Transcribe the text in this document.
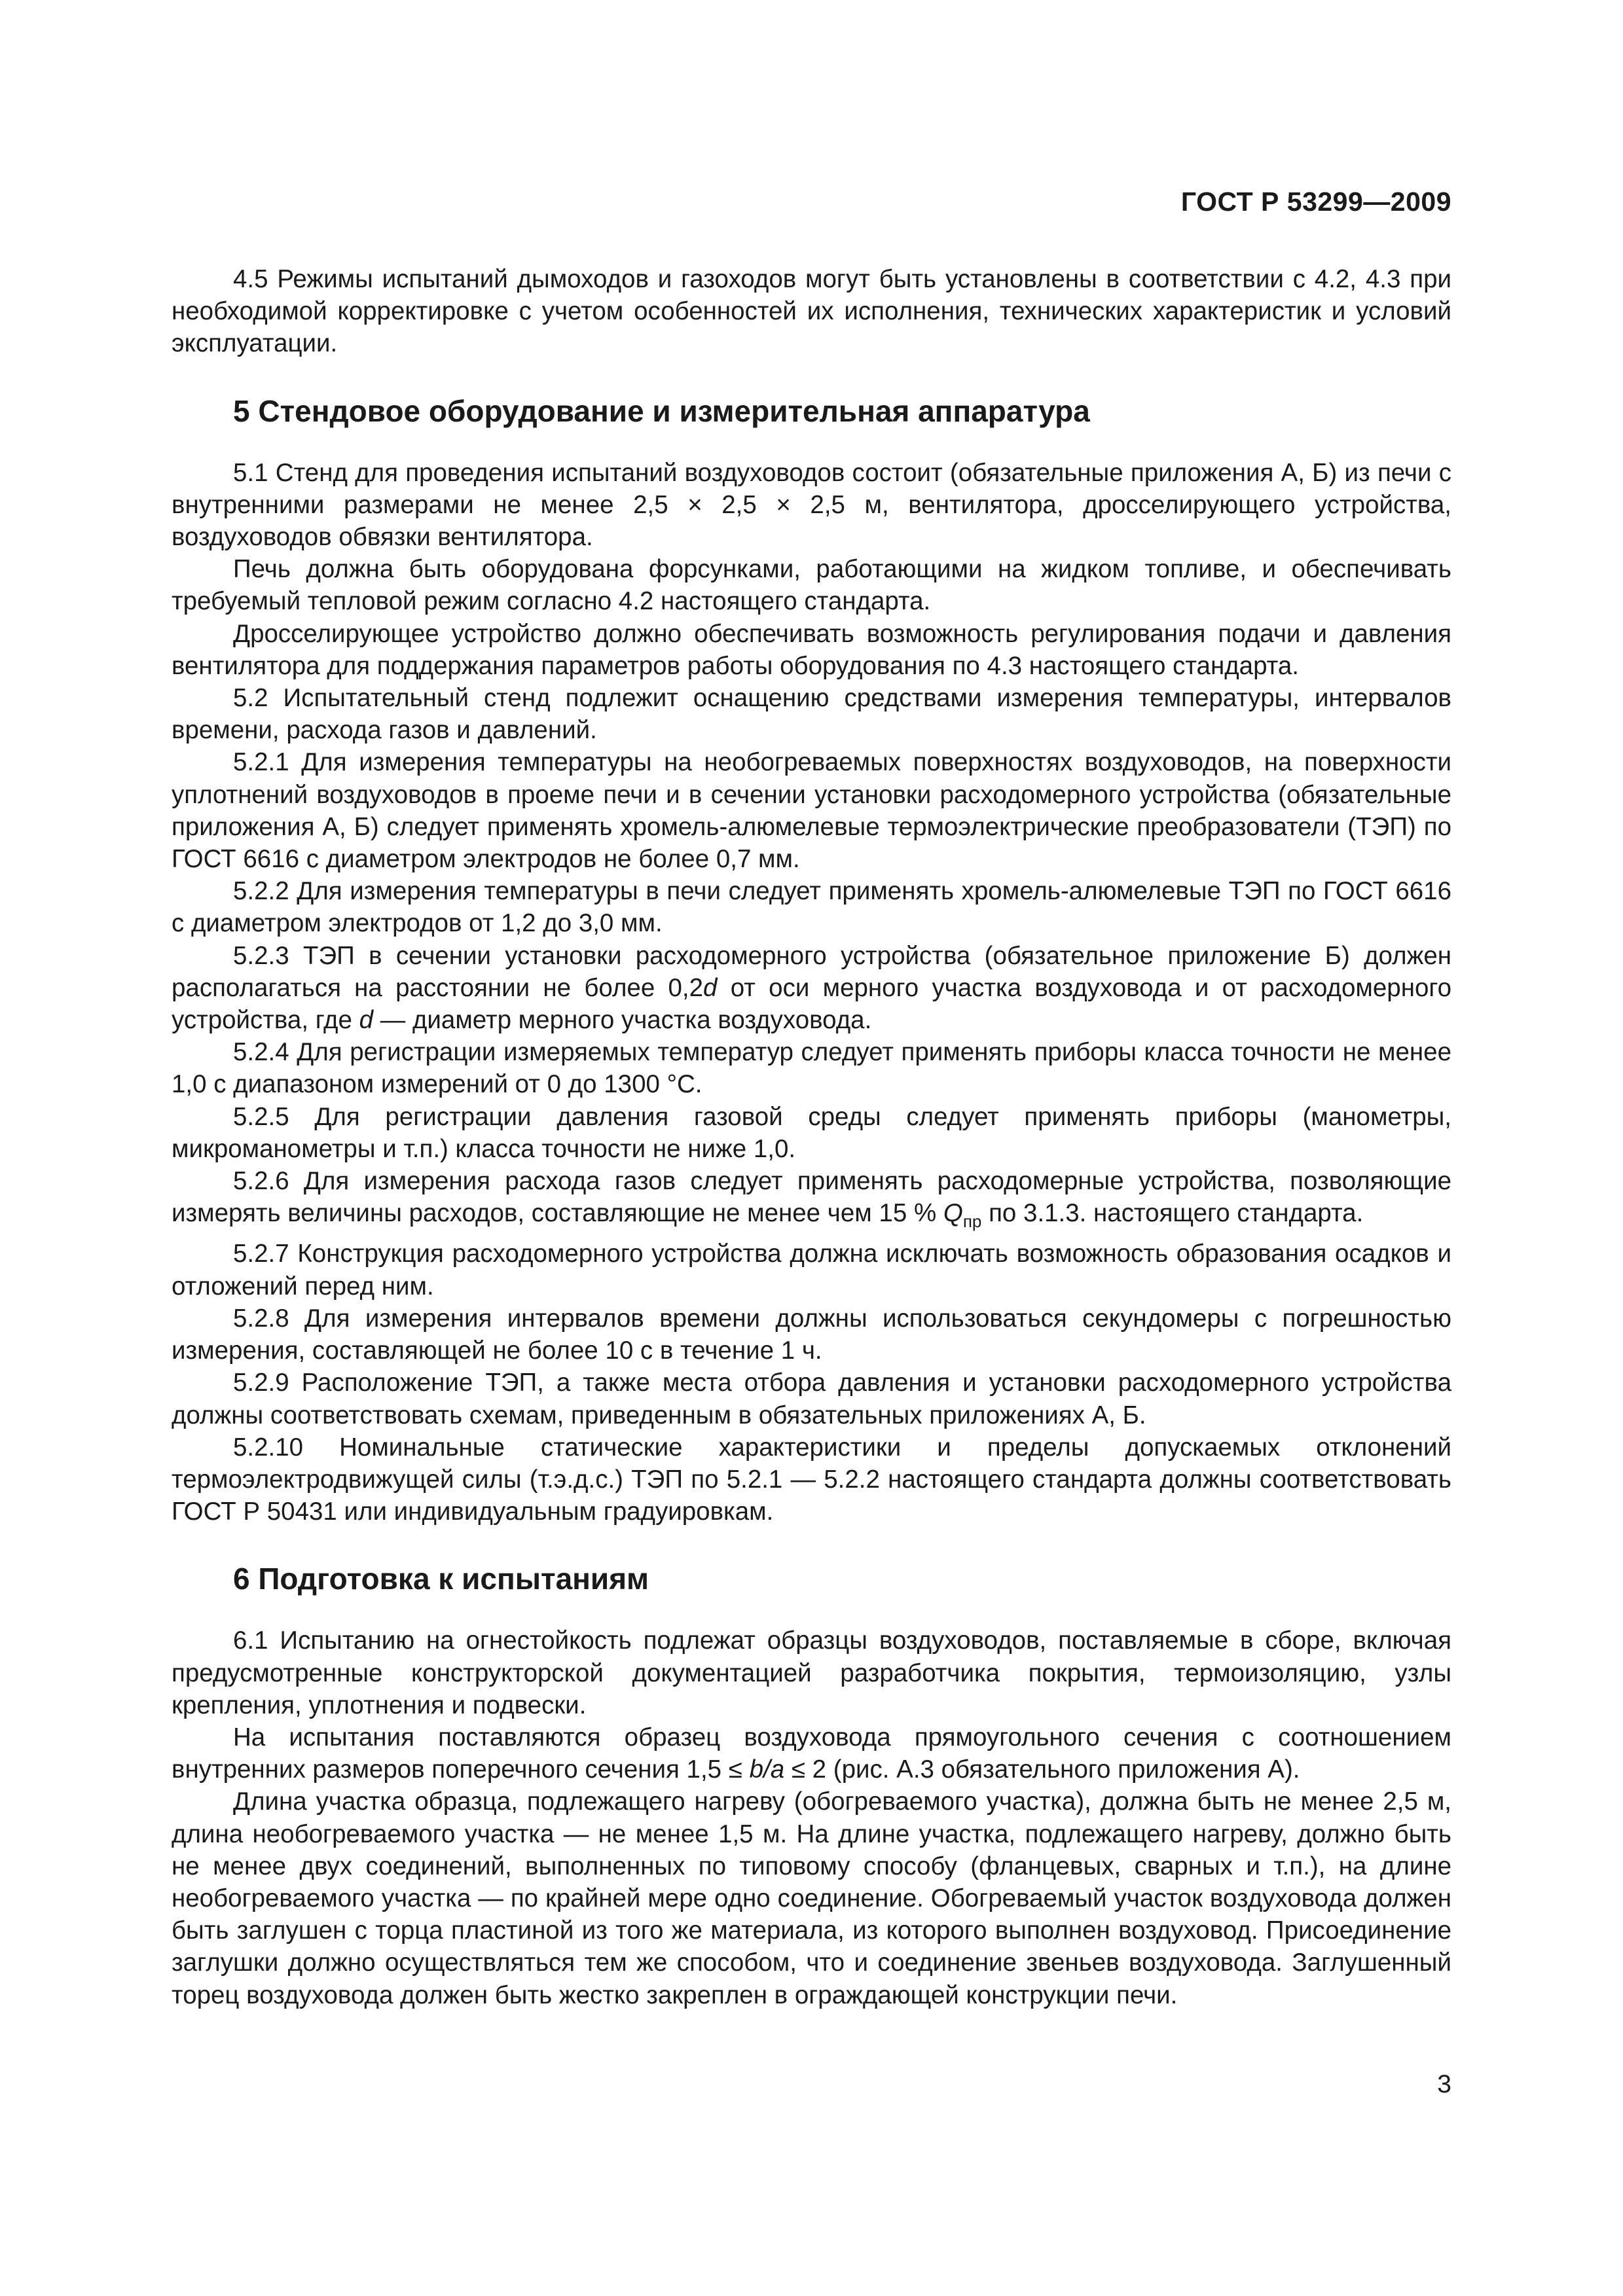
ГОСТ Р 53299—2009

4.5 Режимы испытаний дымоходов и газоходов могут быть установлены в соответствии с 4.2, 4.3 при необходимой корректировке с учетом особенностей их исполнения, технических характеристик и условий эксплуатации.

5 Стендовое оборудование и измерительная аппаратура

5.1 Стенд для проведения испытаний воздуховодов состоит (обязательные приложения А, Б) из печи с внутренними размерами не менее 2,5 × 2,5 × 2,5 м, вентилятора, дросселирующего устройства, воздуховодов обвязки вентилятора.

Печь должна быть оборудована форсунками, работающими на жидком топливе, и обеспечивать требуемый тепловой режим согласно 4.2 настоящего стандарта.

Дросселирующее устройство должно обеспечивать возможность регулирования подачи и давления вентилятора для поддержания параметров работы оборудования по 4.3 настоящего стандарта.

5.2 Испытательный стенд подлежит оснащению средствами измерения температуры, интервалов времени, расхода газов и давлений.

5.2.1 Для измерения температуры на необогреваемых поверхностях воздуховодов, на поверхности уплотнений воздуховодов в проеме печи и в сечении установки расходомерного устройства (обязательные приложения А, Б) следует применять хромель-алюмелевые термоэлектрические преобразователи (ТЭП) по ГОСТ 6616 с диаметром электродов не более 0,7 мм.

5.2.2 Для измерения температуры в печи следует применять хромель-алюмелевые ТЭП по ГОСТ 6616 с диаметром электродов от 1,2 до 3,0 мм.

5.2.3 ТЭП в сечении установки расходомерного устройства (обязательное приложение Б) должен располагаться на расстоянии не более 0,2d от оси мерного участка воздуховода и от расходомерного устройства, где d — диаметр мерного участка воздуховода.

5.2.4 Для регистрации измеряемых температур следует применять приборы класса точности не менее 1,0 с диапазоном измерений от 0 до 1300 °С.

5.2.5 Для регистрации давления газовой среды следует применять приборы (манометры, микроманометры и т.п.) класса точности не ниже 1,0.

5.2.6 Для измерения расхода газов следует применять расходомерные устройства, позволяющие измерять величины расходов, составляющие не менее чем 15 % $Q_{пр}$ по 3.1.3. настоящего стандарта.

5.2.7 Конструкция расходомерного устройства должна исключать возможность образования осадков и отложений перед ним.

5.2.8 Для измерения интервалов времени должны использоваться секундомеры с погрешностью измерения, составляющей не более 10 с в течение 1 ч.

5.2.9 Расположение ТЭП, а также места отбора давления и установки расходомерного устройства должны соответствовать схемам, приведенным в обязательных приложениях А, Б.

5.2.10 Номинальные статические характеристики и пределы допускаемых отклонений термоэлектродвижущей силы (т.э.д.с.) ТЭП по 5.2.1 — 5.2.2 настоящего стандарта должны соответствовать ГОСТ Р 50431 или индивидуальным градуировкам.

6 Подготовка к испытаниям

6.1 Испытанию на огнестойкость подлежат образцы воздуховодов, поставляемые в сборе, включая предусмотренные конструкторской документацией разработчика покрытия, термоизоляцию, узлы крепления, уплотнения и подвески.

На испытания поставляются образец воздуховода прямоугольного сечения с соотношением внутренних размеров поперечного сечения 1,5 ≤ b/a ≤ 2 (рис. А.3 обязательного приложения А).

Длина участка образца, подлежащего нагреву (обогреваемого участка), должна быть не менее 2,5 м, длина необогреваемого участка — не менее 1,5 м. На длине участка, подлежащего нагреву, должно быть не менее двух соединений, выполненных по типовому способу (фланцевых, сварных и т.п.), на длине необогреваемого участка — по крайней мере одно соединение. Обогреваемый участок воздуховода должен быть заглушен с торца пластиной из того же материала, из которого выполнен воздуховод. Присоединение заглушки должно осуществляться тем же способом, что и соединение звеньев воздуховода. Заглушенный торец воздуховода должен быть жестко закреплен в ограждающей конструкции печи.

3
